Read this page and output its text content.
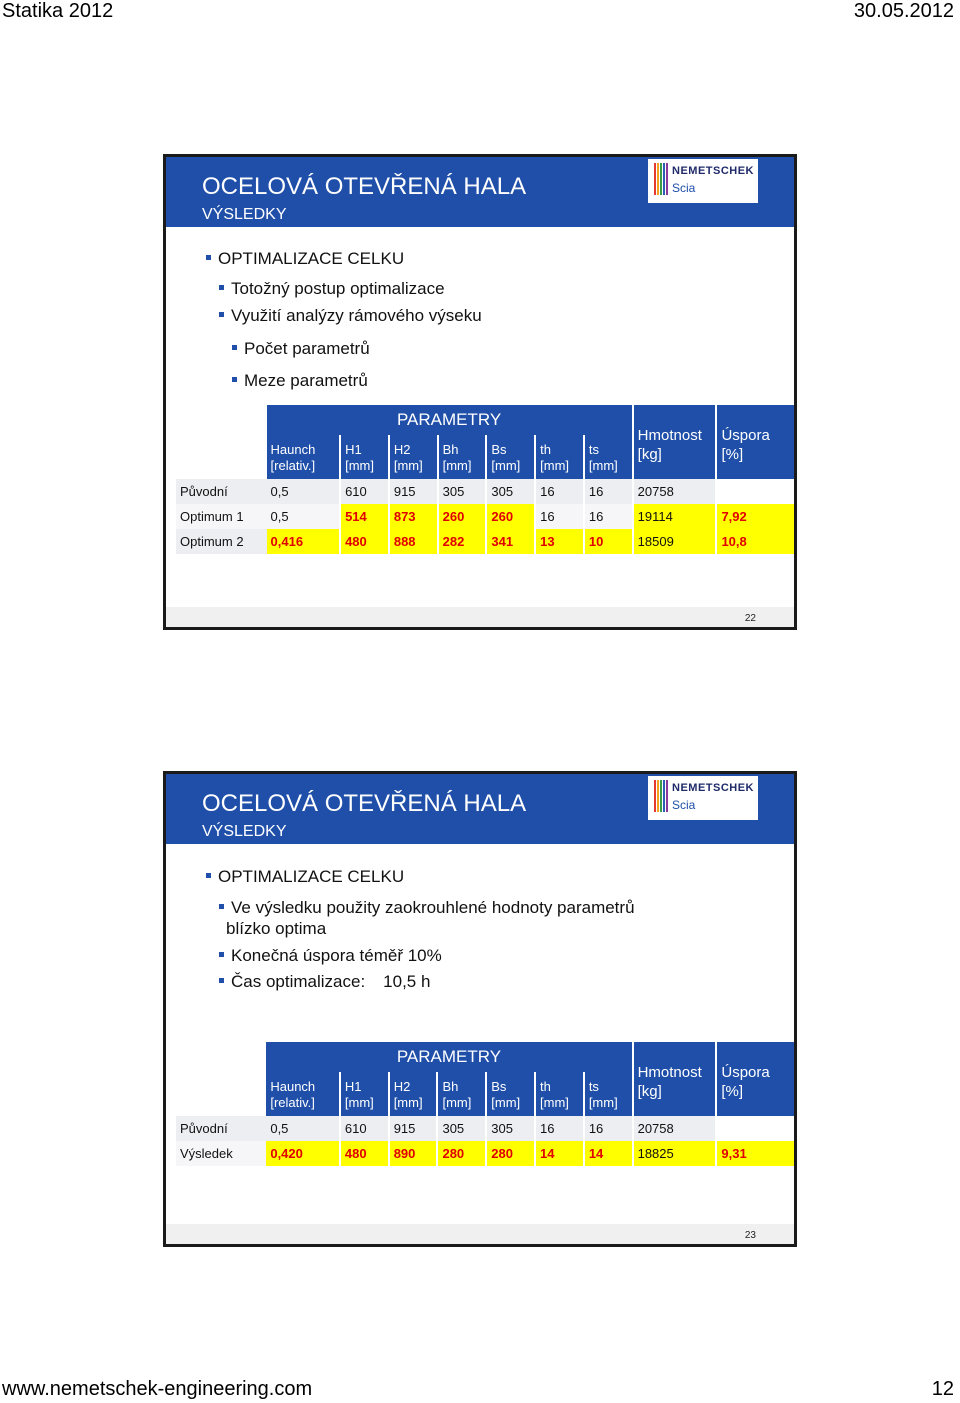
Statika 2012	30.05.2012
OCELOVÁ OTEVŘENÁ HALA
VÝSLEDKY
NEMETSCHEK
Scia
OPTIMALIZACE CELKU
Totožný postup optimalizace
Využití analýzy rámového výseku
Počet parametrů
Meze parametrů
	PARAMETRY							Hmotnost
[kg]	Úspora
[%]
	Haunch
[relativ.]	H1
[mm]	H2
[mm]	Bh
[mm]	Bs
[mm]	th
[mm]	ts
[mm]		
Původní	0,5	610	915	305	305	16	16	20758	
Optimum 1	0,5	514	873	260	260	16	16	19114	7,92
Optimum 2	0,416	480	888	282	341	13	10	18509	10,8
22
OCELOVÁ OTEVŘENÁ HALA
VÝSLEDKY
NEMETSCHEK
Scia
OPTIMALIZACE CELKU
Ve výsledku použity zaokrouhlené hodnoty parametrů
blízko optima
Konečná úspora téměř 10%
Čas optimalizace: 10,5 h
	PARAMETRY							Hmotnost
[kg]	Úspora
[%]
	Haunch
[relativ.]	H1
[mm]	H2
[mm]	Bh
[mm]	Bs
[mm]	th
[mm]	ts
[mm]		
Původní	0,5	610	915	305	305	16	16	20758	
Výsledek	0,420	480	890	280	280	14	14	18825	9,31
23
www.nemetschek-engineering.com	12
